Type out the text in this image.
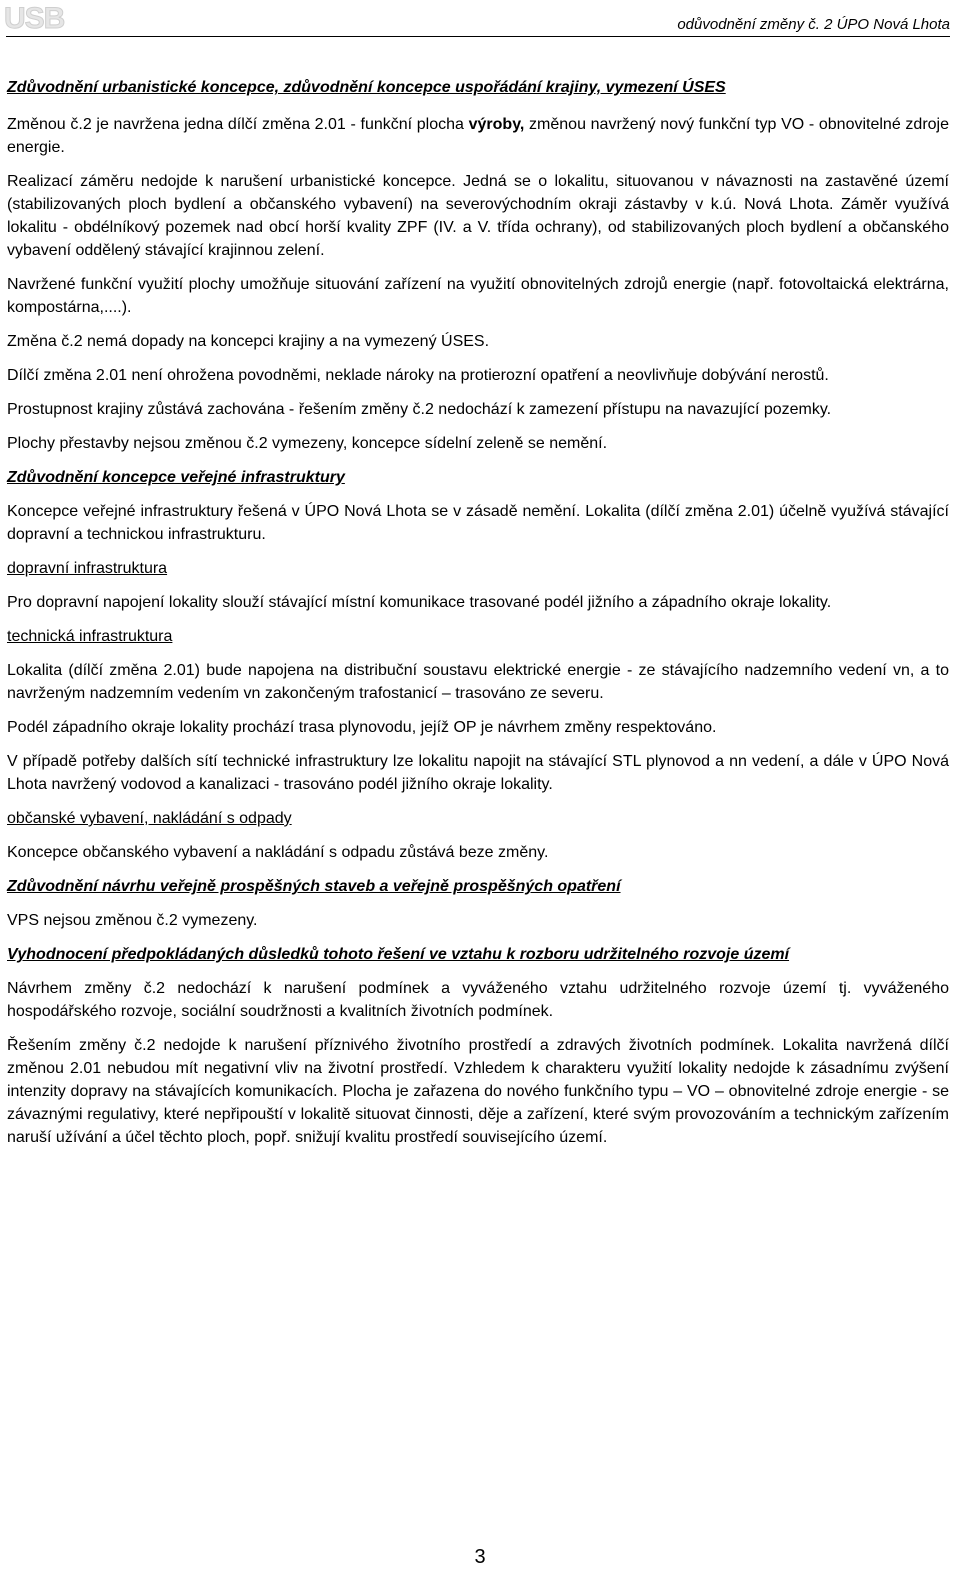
USB	odůvodnění změny č. 2 ÚPO Nová Lhota

Zdůvodnění urbanistické koncepce, zdůvodnění koncepce uspořádání krajiny, vymezení ÚSES

Změnou č.2 je navržena jedna dílčí změna 2.01 - funkční plocha výroby, změnou navržený nový funkční typ VO - obnovitelné zdroje energie.

Realizací záměru nedojde k narušení urbanistické koncepce. Jedná se o lokalitu, situovanou v návaznosti na zastavěné území (stabilizovaných ploch bydlení a občanského vybavení) na severovýchodním okraji zástavby v k.ú. Nová Lhota. Záměr využívá lokalitu - obdélníkový pozemek nad obcí horší kvality ZPF (IV. a V. třída ochrany), od stabilizovaných ploch bydlení a občanského vybavení oddělený stávající krajinnou zelení.

Navržené funkční využití plochy umožňuje situování zařízení na využití obnovitelných zdrojů energie (např. fotovoltaická elektrárna, kompostárna,....).

Změna č.2 nemá dopady na koncepci krajiny a na vymezený ÚSES.

Dílčí změna 2.01 není ohrožena povodněmi, neklade nároky na protierozní opatření a neovlivňuje dobývání nerostů.

Prostupnost krajiny zůstává zachována - řešením změny č.2 nedochází k zamezení přístupu na navazující pozemky.

Plochy přestavby nejsou změnou č.2 vymezeny, koncepce sídelní zeleně se nemění.

Zdůvodnění koncepce veřejné infrastruktury

Koncepce veřejné infrastruktury řešená v ÚPO Nová Lhota se v zásadě nemění. Lokalita (dílčí změna 2.01) účelně využívá stávající dopravní a technickou infrastrukturu.

dopravní infrastruktura

Pro dopravní napojení lokality slouží stávající místní komunikace trasované podél jižního a západního okraje lokality.

technická infrastruktura

Lokalita (dílčí změna 2.01) bude napojena na distribuční soustavu elektrické energie - ze stávajícího nadzemního vedení vn, a to navrženým nadzemním vedením vn zakončeným trafostanicí – trasováno ze severu.

Podél západního okraje lokality prochází trasa plynovodu, jejíž OP je návrhem změny respektováno.

V případě potřeby dalších sítí technické infrastruktury lze lokalitu napojit na stávající STL plynovod a nn vedení, a dále v ÚPO Nová Lhota navržený vodovod a kanalizaci - trasováno podél jižního okraje lokality.

občanské vybavení, nakládání s odpady

Koncepce občanského vybavení a nakládání s odpadu zůstává beze změny.

Zdůvodnění návrhu veřejně prospěšných staveb a veřejně prospěšných opatření

VPS nejsou změnou č.2 vymezeny.

Vyhodnocení předpokládaných důsledků tohoto řešení ve vztahu k rozboru udržitelného rozvoje území

Návrhem změny č.2 nedochází k narušení podmínek a vyváženého vztahu udržitelného rozvoje území tj. vyváženého hospodářského rozvoje, sociální soudržnosti a kvalitních životních podmínek.

Řešením změny č.2 nedojde k narušení příznivého životního prostředí a zdravých životních podmínek. Lokalita navržená dílčí změnou 2.01 nebudou mít negativní vliv na životní prostředí. Vzhledem k charakteru využití lokality nedojde k zásadnímu zvýšení intenzity dopravy na stávajících komunikacích. Plocha je zařazena do nového funkčního typu – VO – obnovitelné zdroje energie - se závaznými regulativy, které nepřipouští v lokalitě situovat činnosti, děje a zařízení, které svým provozováním a technickým zařízením naruší užívání a účel těchto ploch, popř. snižují kvalitu prostředí souvisejícího území.

3
